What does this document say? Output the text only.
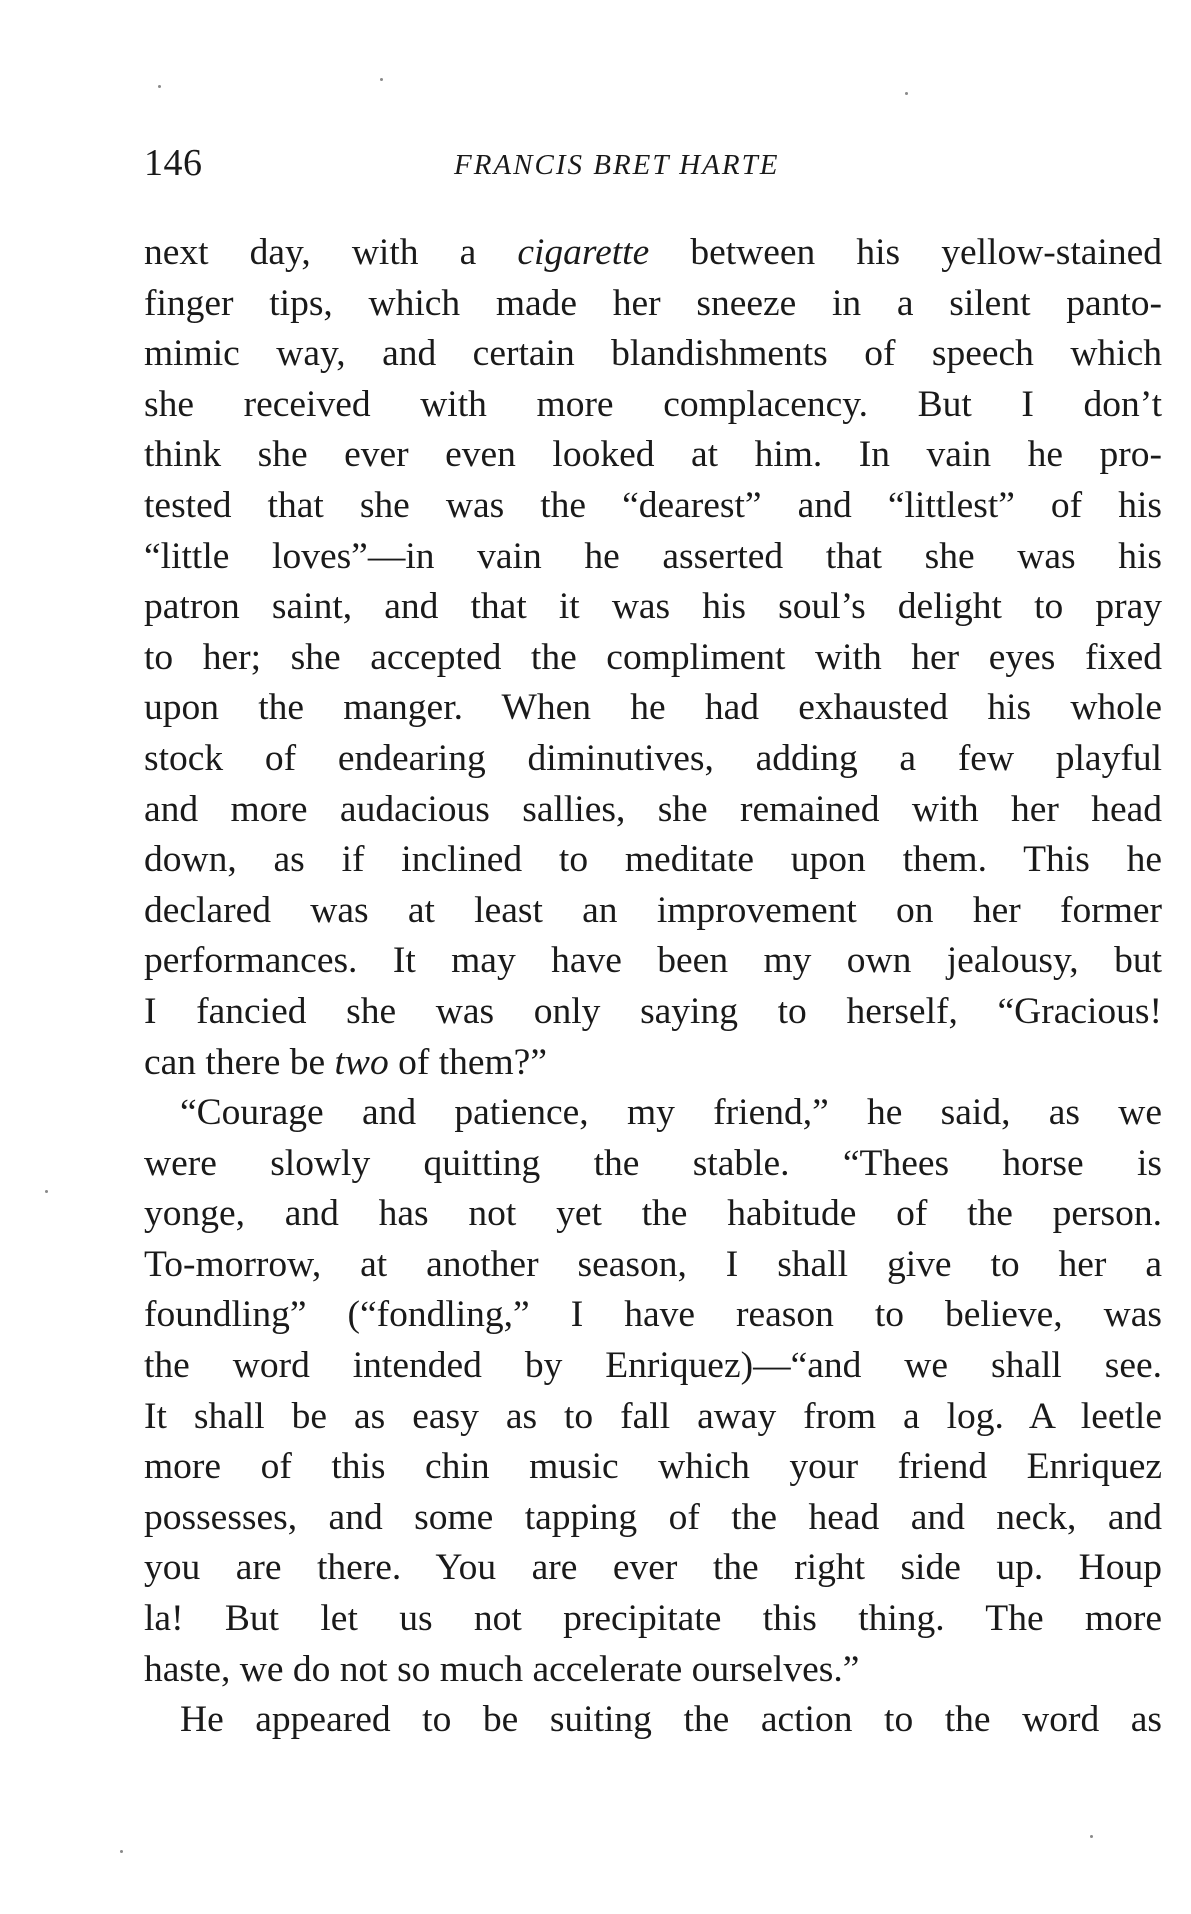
146	FRANCIS BRET HARTE
next day, with a cigarette between his yellow-stained
finger tips, which made her sneeze in a silent panto-
mimic way, and certain blandishments of speech which
she received with more complacency. But I don’t
think she ever even looked at him. In vain he pro-
tested that she was the “dearest” and “littlest” of his
“little loves”—in vain he asserted that she was his
patron saint, and that it was his soul’s delight to pray
to her; she accepted the compliment with her eyes fixed
upon the manger. When he had exhausted his whole
stock of endearing diminutives, adding a few playful
and more audacious sallies, she remained with her head
down, as if inclined to meditate upon them. This he
declared was at least an improvement on her former
performances. It may have been my own jealousy, but
I fancied she was only saying to herself, “Gracious!
can there be two of them?”
“Courage and patience, my friend,” he said, as we
were slowly quitting the stable. “Thees horse is
yonge, and has not yet the habitude of the person.
To-morrow, at another season, I shall give to her a
foundling” (“fondling,” I have reason to believe, was
the word intended by Enriquez)—“and we shall see.
It shall be as easy as to fall away from a log. A leetle
more of this chin music which your friend Enriquez
possesses, and some tapping of the head and neck, and
you are there. You are ever the right side up. Houp
la! But let us not precipitate this thing. The more
haste, we do not so much accelerate ourselves.”
He appeared to be suiting the action to the word as
